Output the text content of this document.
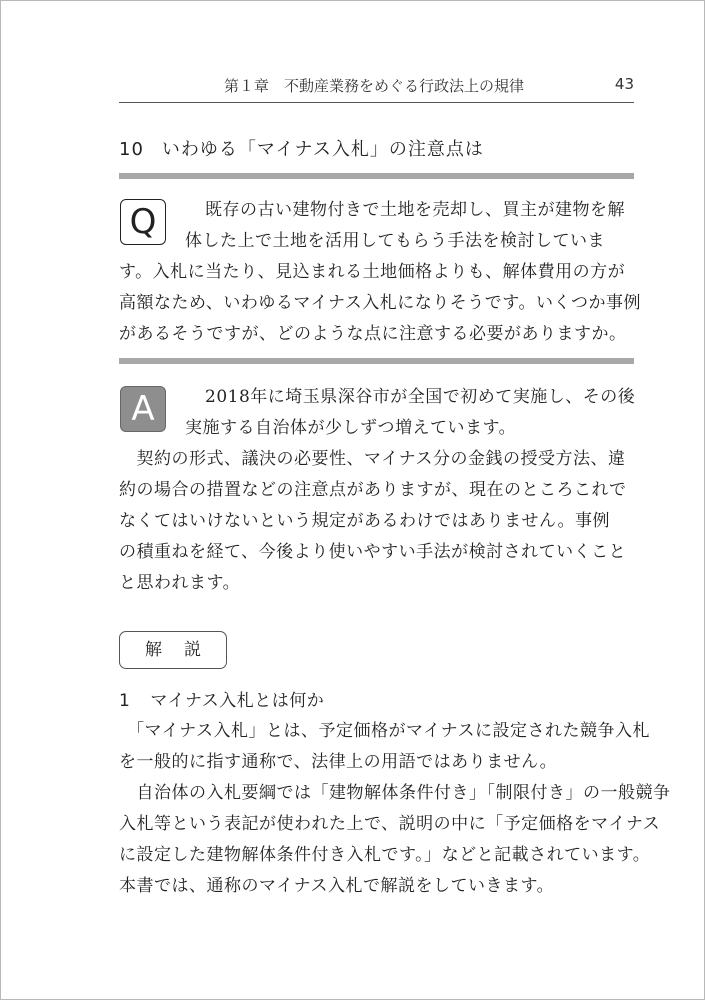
第１章　不動産業務をめぐる行政法上の規律	43
10 いわゆる「マイナス入札」の注意点は
Q	既存の古い建物付きで土地を売却し、買主が建物を解
体した上で土地を活用してもらう手法を検討していま
す。入札に当たり、見込まれる土地価格よりも、解体費用の方が
高額なため、いわゆるマイナス入札になりそうです。いくつか事例
があるそうですが、どのような点に注意する必要がありますか。
A	2018年に埼玉県深谷市が全国で初めて実施し、その後
実施する自治体が少しずつ増えています。
　契約の形式、議決の必要性、マイナス分の金銭の授受方法、違
約の場合の措置などの注意点がありますが、現在のところこれで
なくてはいけないという規定があるわけではありません。事例
の積重ねを経て、今後より使いやすい手法が検討されていくこと
と思われます。
解説
1 マイナス入札とは何か
「マイナス入札」とは、予定価格がマイナスに設定された競争入札
を一般的に指す通称で、法律上の用語ではありません。
　自治体の入札要綱では「建物解体条件付き」「制限付き」の一般競争
入札等という表記が使われた上で、説明の中に「予定価格をマイナス
に設定した建物解体条件付き入札です。」などと記載されています。
本書では、通称のマイナス入札で解説をしていきます。
